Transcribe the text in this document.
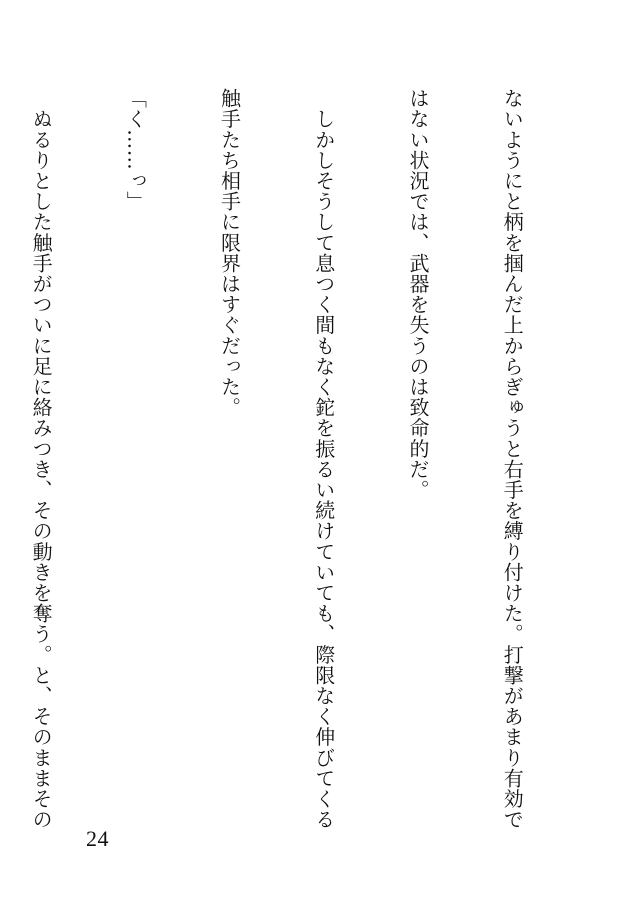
ないようにと柄を掴んだ上からぎゅうと右手を縛り付けた。打撃があまり有効で

はない状況では、武器を失うのは致命的だ。

　しかしそうして息つく間もなく鉈を振るい続けていても、際限なく伸びてくる

触手たち相手に限界はすぐだった。

「く……っ」

　ぬるりとした触手がついに足に絡みつき、その動きを奪う。と、そのままその

24
